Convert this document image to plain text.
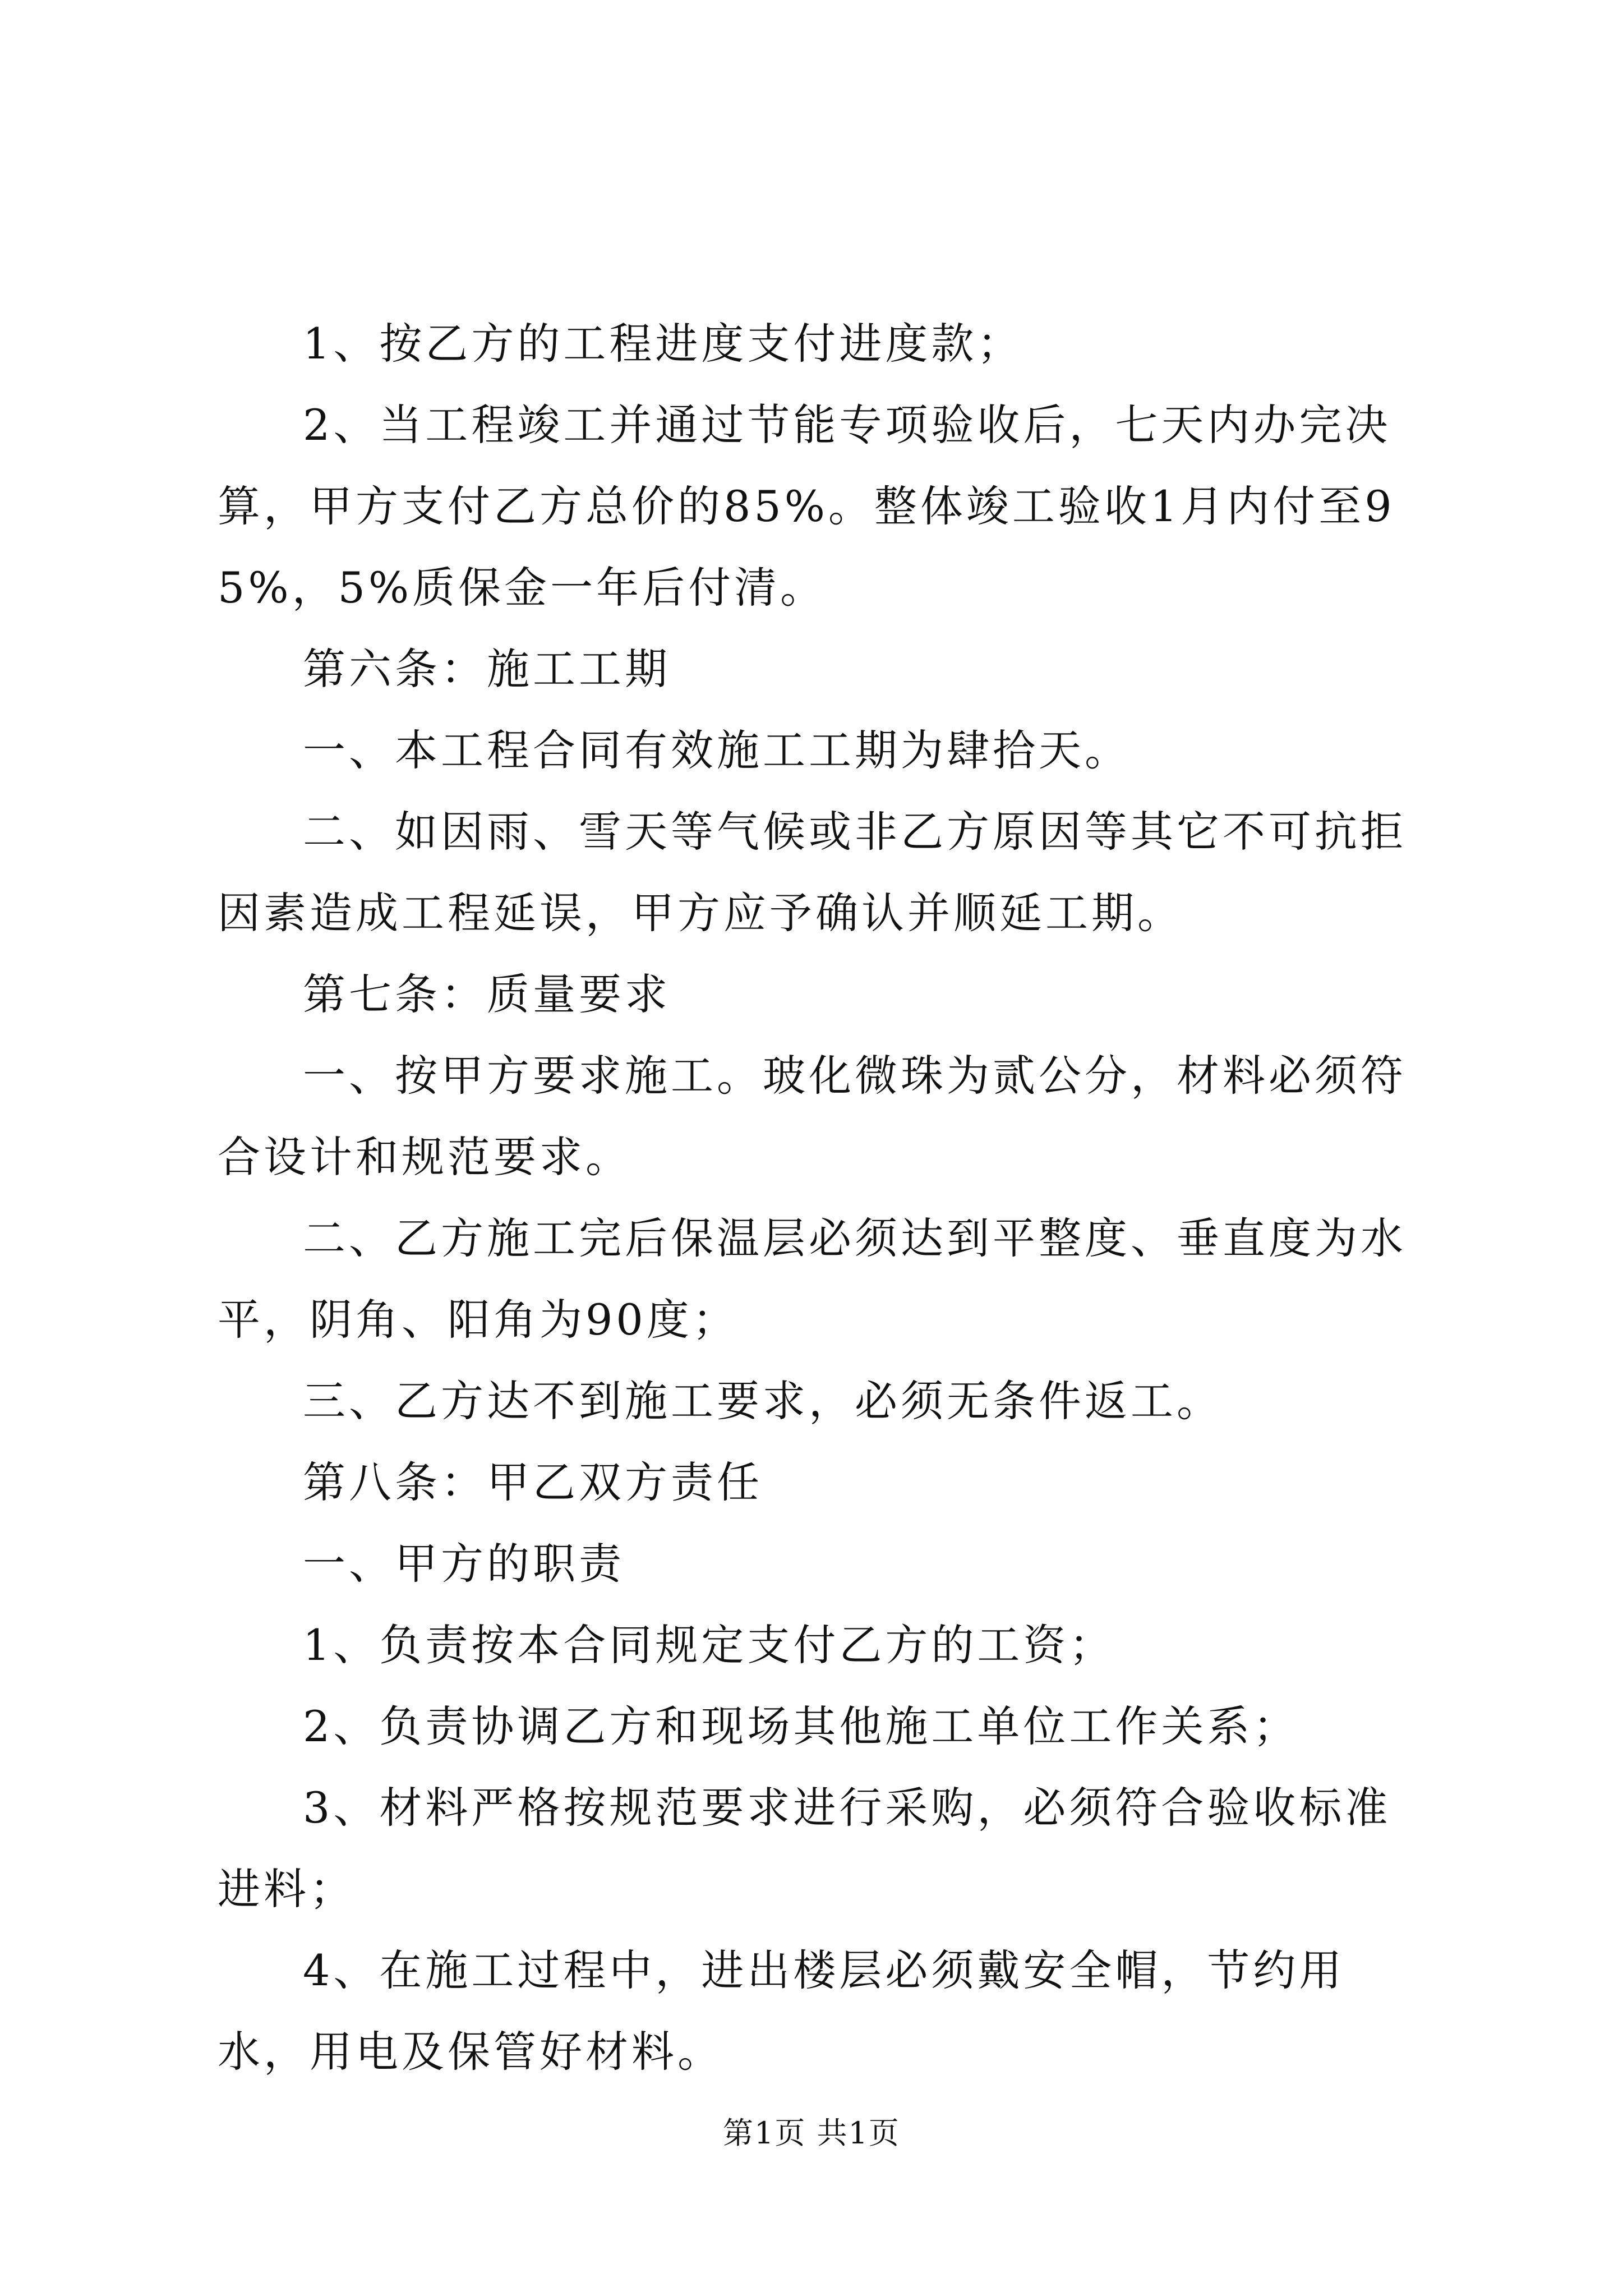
1、按乙方的工程进度支付进度款；

2、当工程竣工并通过节能专项验收后，七天内办完决算，甲方支付乙方总价的85%。整体竣工验收1月内付至95%，5%质保金一年后付清。

第六条：施工工期

一、本工程合同有效施工工期为肆拾天。

二、如因雨、雪天等气候或非乙方原因等其它不可抗拒因素造成工程延误，甲方应予确认并顺延工期。

第七条：质量要求

一、按甲方要求施工。玻化微珠为贰公分，材料必须符合设计和规范要求。

二、乙方施工完后保温层必须达到平整度、垂直度为水平，阴角、阳角为90度；

三、乙方达不到施工要求，必须无条件返工。

第八条：甲乙双方责任

一、甲方的职责

1、负责按本合同规定支付乙方的工资；

2、负责协调乙方和现场其他施工单位工作关系；

3、材料严格按规范要求进行采购，必须符合验收标准进料；

4、在施工过程中，进出楼层必须戴安全帽，节约用水，用电及保管好材料。

第1页 共1页
